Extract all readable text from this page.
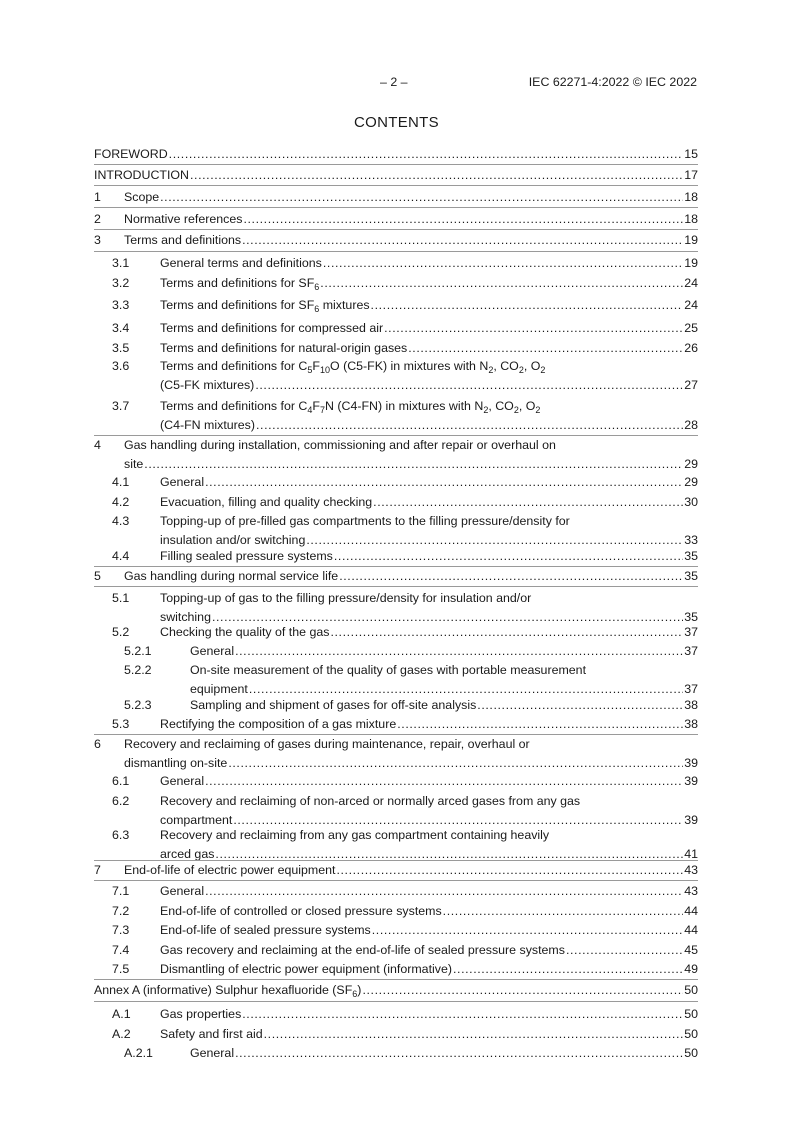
– 2 –	IEC 62271-4:2022 © IEC 2022
CONTENTS
FOREWORD .....	15
INTRODUCTION .....	17
1	Scope .....	18
2	Normative references .....	18
3	Terms and definitions .....	19
3.1	General terms and definitions .....	19
3.2	Terms and definitions for $SF_6$ .....	24
3.3	Terms and definitions for $SF_6$ mixtures .....	24
3.4	Terms and definitions for compressed air .....	25
3.5	Terms and definitions for natural-origin gases .....	26
3.6 Terms and definitions for $C_5F_{10}O$ (C5-FK) in mixtures with $N_2$, $CO_2$, $O_2$
(C5-FK mixtures) .....	27
3.7 Terms and definitions for $C_4F_7N$ (C4-FN) in mixtures with $N_2$, $CO_2$, $O_2$
(C4-FN mixtures) .....	28
4 Gas handling during installation, commissioning and after repair or overhaul on
site .....	29
4.1	General .....	29
4.2	Evacuation, filling and quality checking .....	30
4.3 Topping-up of pre-filled gas compartments to the filling pressure/density for
insulation and/or switching .....	33
4.4	Filling sealed pressure systems .....	35
5	Gas handling during normal service life .....	35
5.1 Topping-up of gas to the filling pressure/density for insulation and/or
switching .....	35
5.2	Checking the quality of the gas .....	37
5.2.1	General .....	37
5.2.2	On-site measurement of the quality of gases with portable measurement
equipment .....	37
5.2.3	Sampling and shipment of gases for off-site analysis .....	38
5.3	Rectifying the composition of a gas mixture .....	38
6 Recovery and reclaiming of gases during maintenance, repair, overhaul or
dismantling on-site .....	39
6.1	General .....	39
6.2 Recovery and reclaiming of non-arced or normally arced gases from any gas
compartment .....	39
6.3 Recovery and reclaiming from any gas compartment containing heavily
arced gas .....	41
7	End-of-life of electric power equipment .....	43
7.1	General .....	43
7.2	End-of-life of controlled or closed pressure systems .....	44
7.3	End-of-life of sealed pressure systems .....	44
7.4	Gas recovery and reclaiming at the end-of-life of sealed pressure systems .....	45
7.5	Dismantling of electric power equipment (informative) .....	49
Annex A (informative) Sulphur hexafluoride $(SF_6)$ .....	50
A.1	Gas properties .....	50
A.2	Safety and first aid .....	50
A.2.1	General .....	50
